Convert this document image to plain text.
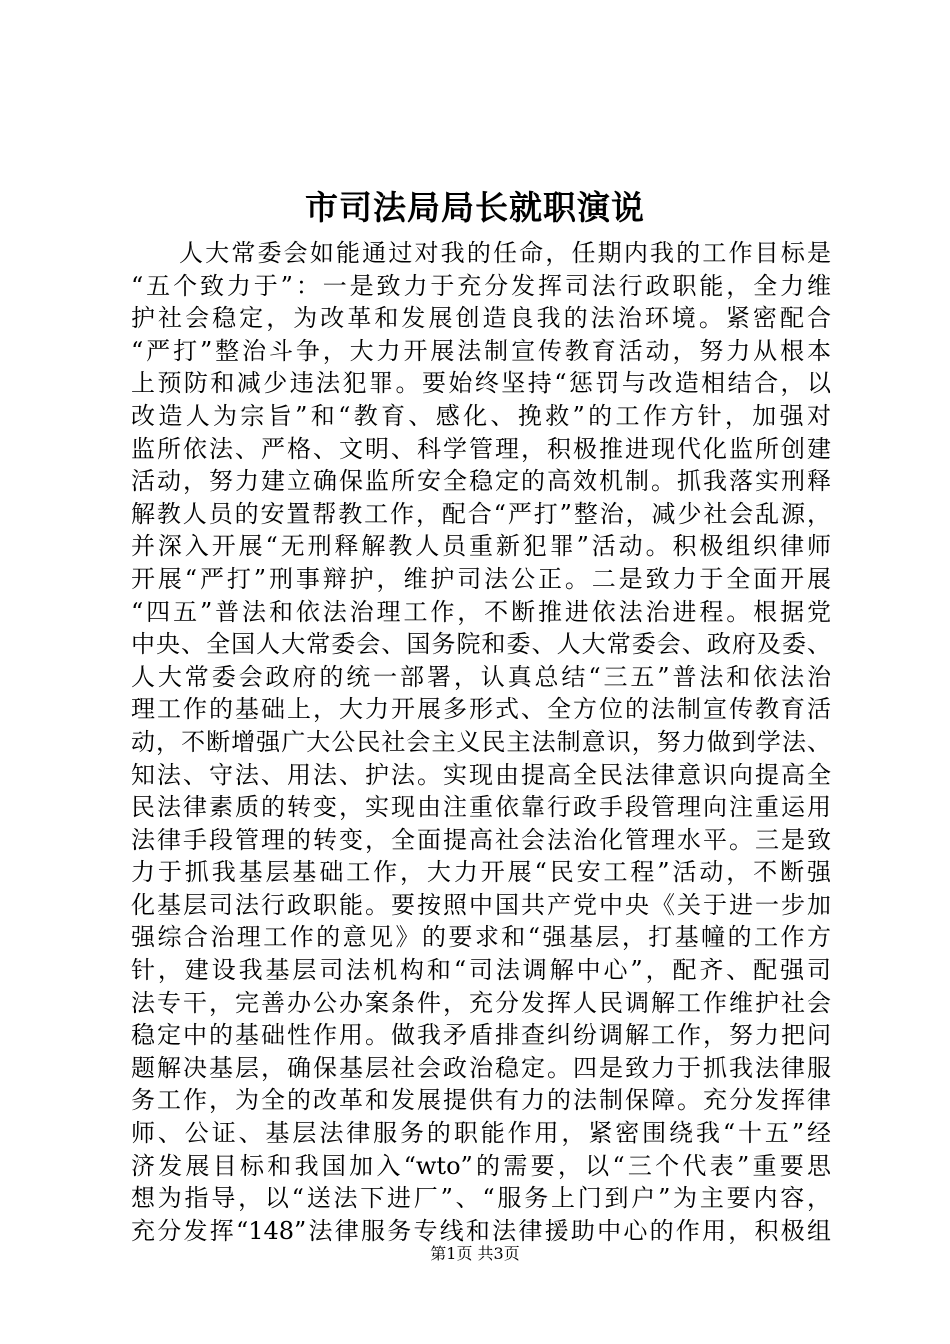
市司法局局长就职演说
人大常委会如能通过对我的任命，任期内我的工作目标是
“五个致力于”：一是致力于充分发挥司法行政职能，全力维
护社会稳定，为改革和发展创造良我的法治环境。紧密配合
“严打”整治斗争，大力开展法制宣传教育活动，努力从根本
上预防和减少违法犯罪。要始终坚持“惩罚与改造相结合，以
改造人为宗旨”和“教育、感化、挽救”的工作方针，加强对
监所依法、严格、文明、科学管理，积极推进现代化监所创建
活动，努力建立确保监所安全稳定的高效机制。抓我落实刑释
解教人员的安置帮教工作，配合“严打”整治，减少社会乱源，
并深入开展“无刑释解教人员重新犯罪”活动。积极组织律师
开展“严打”刑事辩护，维护司法公正。二是致力于全面开展
“四五”普法和依法治理工作，不断推进依法治进程。根据党
中央、全国人大常委会、国务院和委、人大常委会、政府及委、
人大常委会政府的统一部署，认真总结“三五”普法和依法治
理工作的基础上，大力开展多形式、全方位的法制宣传教育活
动，不断增强广大公民社会主义民主法制意识，努力做到学法、
知法、守法、用法、护法。实现由提高全民法律意识向提高全
民法律素质的转变，实现由注重依靠行政手段管理向注重运用
法律手段管理的转变，全面提高社会法治化管理水平。三是致
力于抓我基层基础工作，大力开展“民安工程”活动，不断强
化基层司法行政职能。要按照中国共产党中央《关于进一步加
强综合治理工作的意见》的要求和“强基层，打基幢的工作方
针，建设我基层司法机构和“司法调解中心”，配齐、配强司
法专干，完善办公办案条件，充分发挥人民调解工作维护社会
稳定中的基础性作用。做我矛盾排查纠纷调解工作，努力把问
题解决基层，确保基层社会政治稳定。四是致力于抓我法律服
务工作，为全的改革和发展提供有力的法制保障。充分发挥律
师、公证、基层法律服务的职能作用，紧密围绕我“十五”经
济发展目标和我国加入“wto”的需要，以“三个代表”重要思
想为指导，以“送法下进厂”、“服务上门到户”为主要内容，
充分发挥“148”法律服务专线和法律援助中心的作用，积极组
第1页 共3页
